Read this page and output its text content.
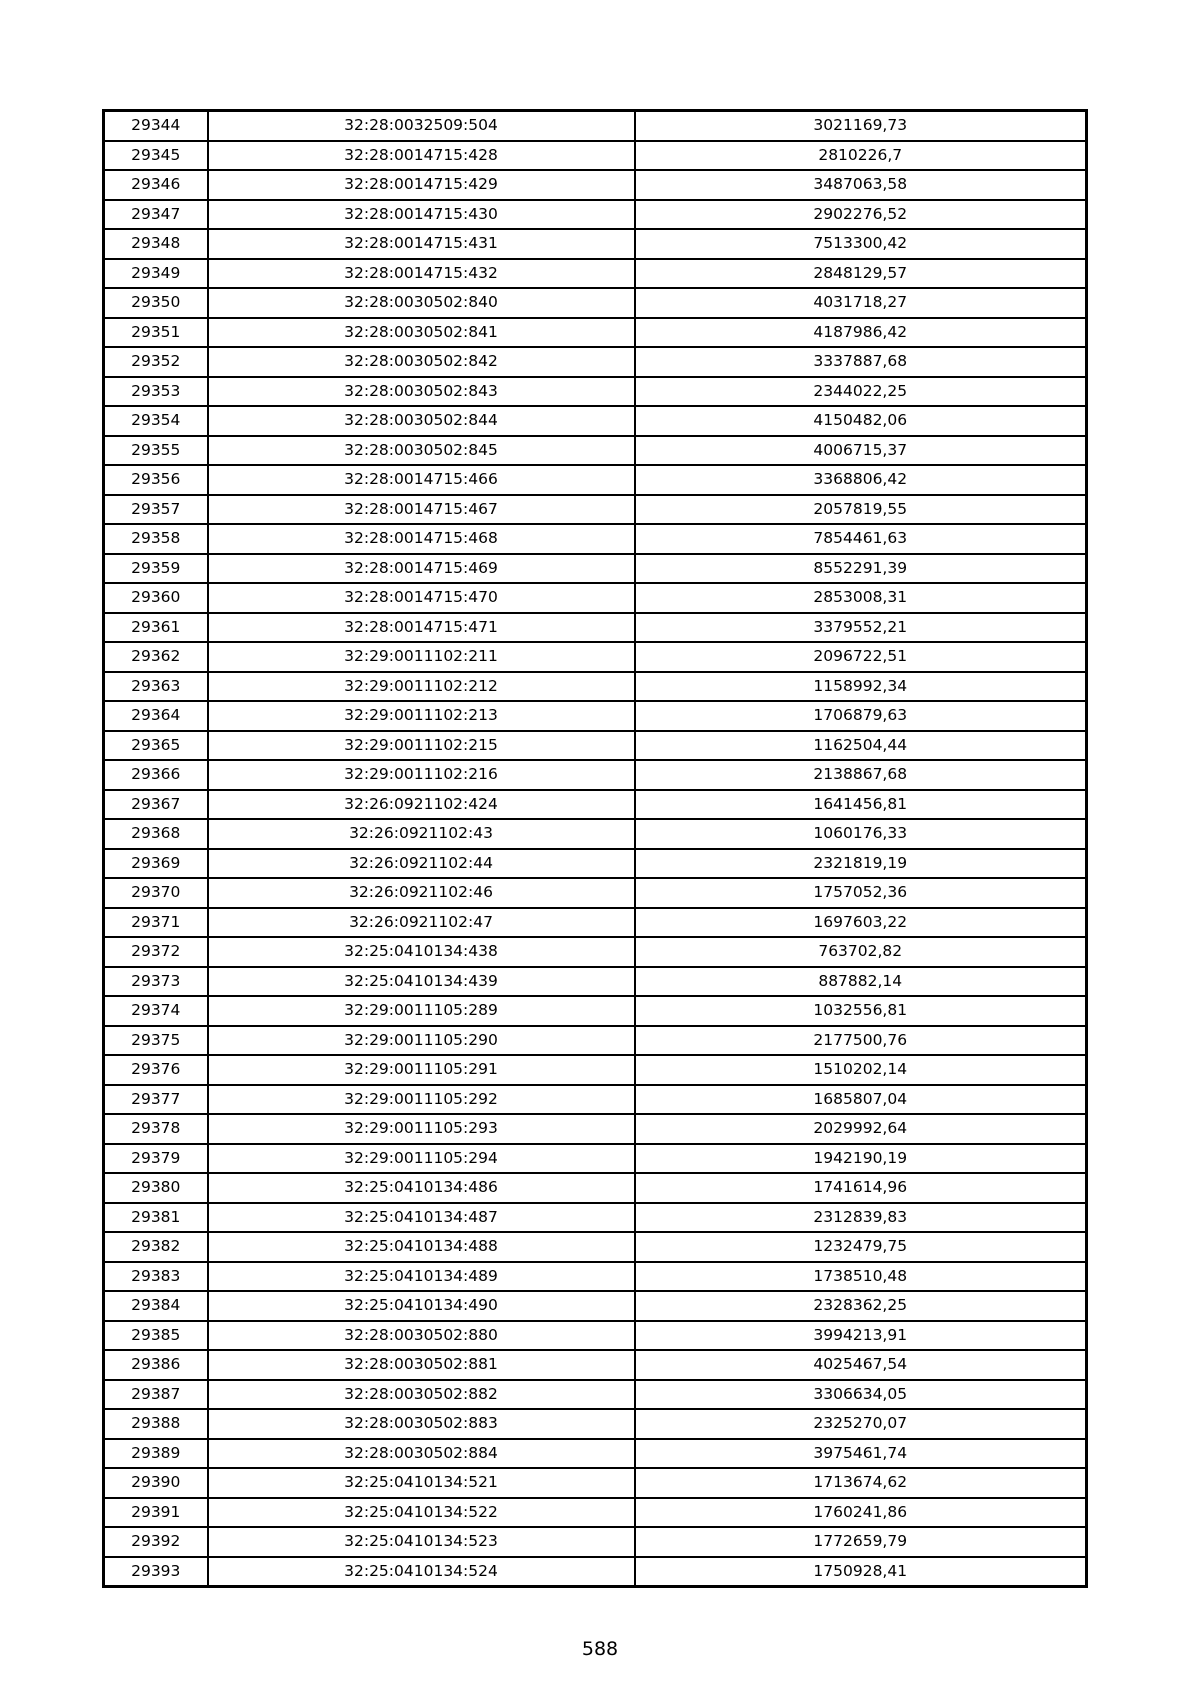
29344	32:28:0032509:504	3021169,73
29345	32:28:0014715:428	2810226,7
29346	32:28:0014715:429	3487063,58
29347	32:28:0014715:430	2902276,52
29348	32:28:0014715:431	7513300,42
29349	32:28:0014715:432	2848129,57
29350	32:28:0030502:840	4031718,27
29351	32:28:0030502:841	4187986,42
29352	32:28:0030502:842	3337887,68
29353	32:28:0030502:843	2344022,25
29354	32:28:0030502:844	4150482,06
29355	32:28:0030502:845	4006715,37
29356	32:28:0014715:466	3368806,42
29357	32:28:0014715:467	2057819,55
29358	32:28:0014715:468	7854461,63
29359	32:28:0014715:469	8552291,39
29360	32:28:0014715:470	2853008,31
29361	32:28:0014715:471	3379552,21
29362	32:29:0011102:211	2096722,51
29363	32:29:0011102:212	1158992,34
29364	32:29:0011102:213	1706879,63
29365	32:29:0011102:215	1162504,44
29366	32:29:0011102:216	2138867,68
29367	32:26:0921102:424	1641456,81
29368	32:26:0921102:43	1060176,33
29369	32:26:0921102:44	2321819,19
29370	32:26:0921102:46	1757052,36
29371	32:26:0921102:47	1697603,22
29372	32:25:0410134:438	763702,82
29373	32:25:0410134:439	887882,14
29374	32:29:0011105:289	1032556,81
29375	32:29:0011105:290	2177500,76
29376	32:29:0011105:291	1510202,14
29377	32:29:0011105:292	1685807,04
29378	32:29:0011105:293	2029992,64
29379	32:29:0011105:294	1942190,19
29380	32:25:0410134:486	1741614,96
29381	32:25:0410134:487	2312839,83
29382	32:25:0410134:488	1232479,75
29383	32:25:0410134:489	1738510,48
29384	32:25:0410134:490	2328362,25
29385	32:28:0030502:880	3994213,91
29386	32:28:0030502:881	4025467,54
29387	32:28:0030502:882	3306634,05
29388	32:28:0030502:883	2325270,07
29389	32:28:0030502:884	3975461,74
29390	32:25:0410134:521	1713674,62
29391	32:25:0410134:522	1760241,86
29392	32:25:0410134:523	1772659,79
29393	32:25:0410134:524	1750928,41
588
